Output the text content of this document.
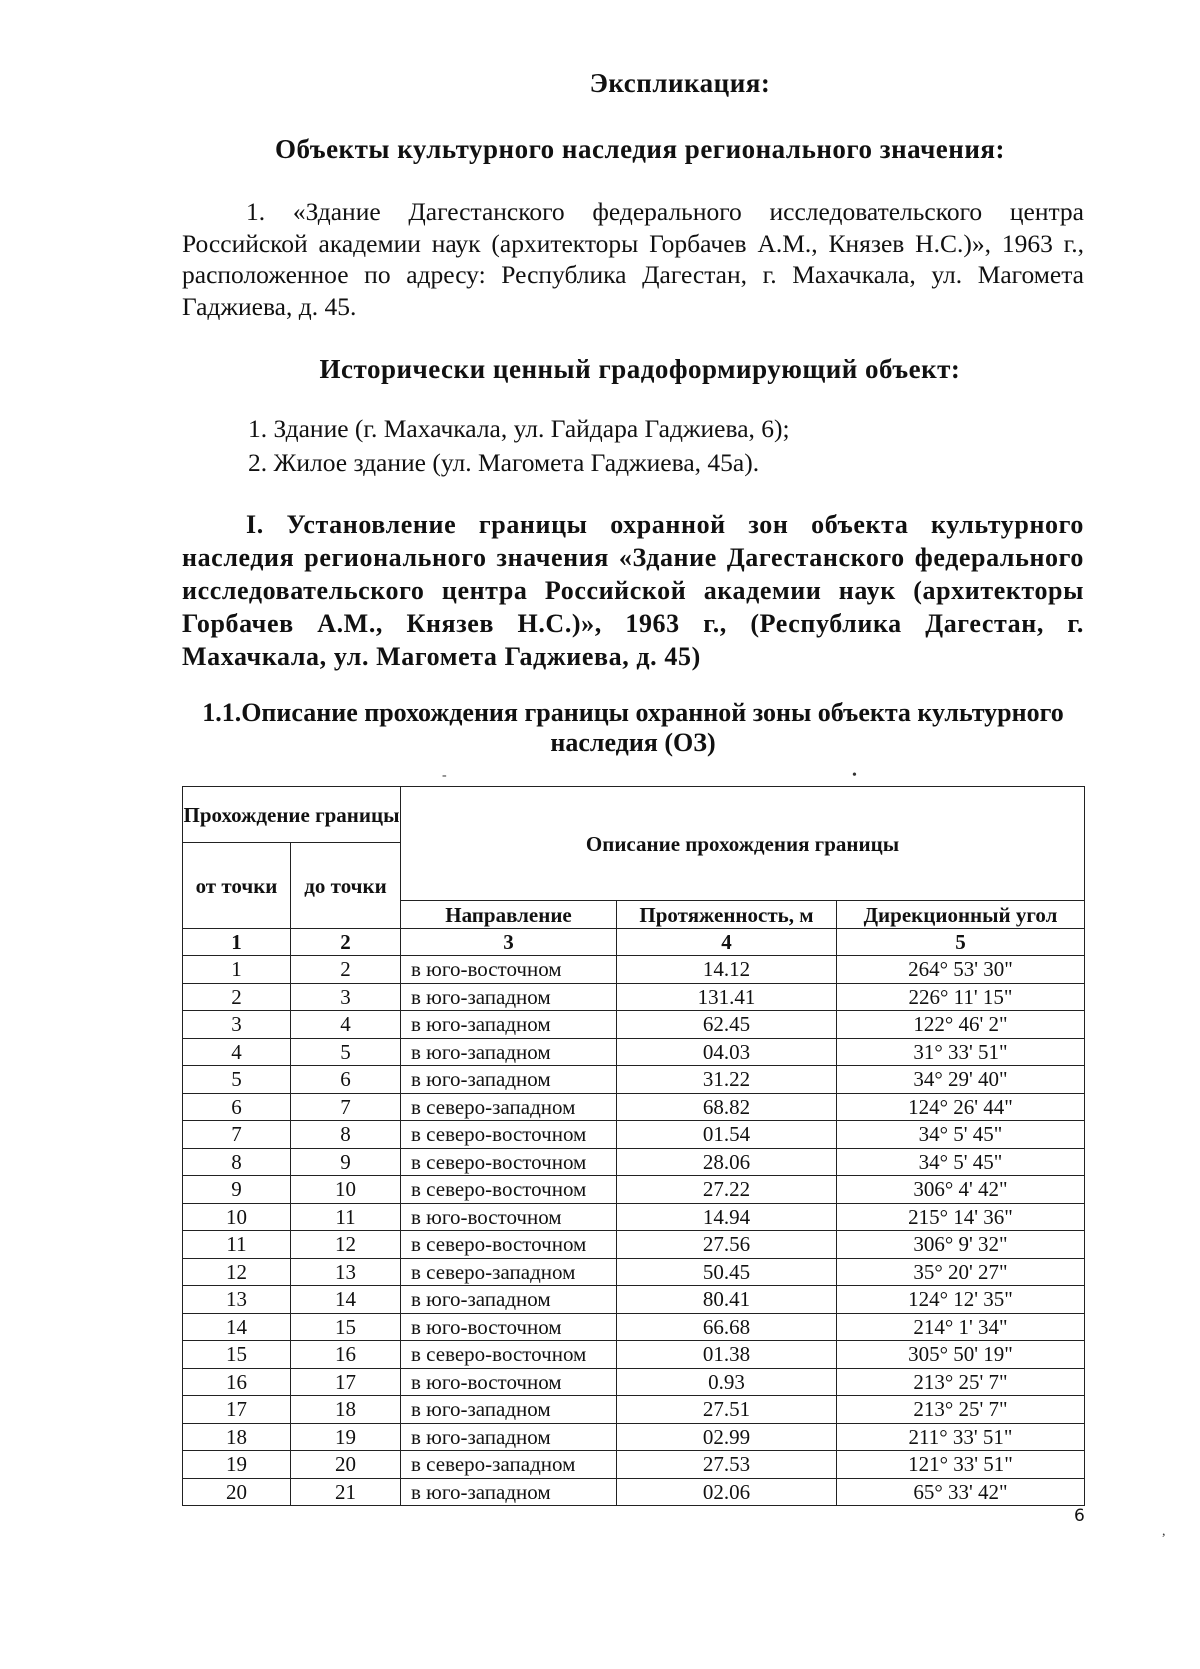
Экспликация:
Объекты культурного наследия регионального значения:
1. «Здание Дагестанского федерального исследовательского центра Российской академии наук (архитекторы Горбачев А.М., Князев Н.С.)», 1963 г., расположенное по адресу: Республика Дагестан, г. Махачкала, ул. Магомета Гаджиева, д. 45.
Исторически ценный градоформирующий объект:
1. Здание (г. Махачкала, ул. Гайдара Гаджиева, 6);
2. Жилое здание (ул. Магомета Гаджиева, 45а).
I. Установление границы охранной зон объекта культурного наследия регионального значения «Здание Дагестанского федерального исследовательского центра Российской академии наук (архитекторы Горбачев А.М., Князев Н.С.)», 1963 г., (Республика Дагестан, г. Махачкала, ул. Магомета Гаджиева, д. 45)
1.1.Описание прохождения границы охранной зоны объекта культурного наследия (ОЗ)
-	•
Прохождение границы		Описание прохождения границы		
от точки	до точки			
		Направление	Протяженность, м	Дирекционный угол
1	2	3	4	5
1	2	в юго-восточном	14.12	264° 53' 30"
2	3	в юго-западном	131.41	226° 11' 15"
3	4	в юго-западном	62.45	122° 46' 2"
4	5	в юго-западном	04.03	31° 33' 51"
5	6	в юго-западном	31.22	34° 29' 40"
6	7	в северо-западном	68.82	124° 26' 44"
7	8	в северо-восточном	01.54	34° 5' 45"
8	9	в северо-восточном	28.06	34° 5' 45"
9	10	в северо-восточном	27.22	306° 4' 42"
10	11	в юго-восточном	14.94	215° 14' 36"
11	12	в северо-восточном	27.56	306° 9' 32"
12	13	в северо-западном	50.45	35° 20' 27"
13	14	в юго-западном	80.41	124° 12' 35"
14	15	в юго-восточном	66.68	214° 1' 34"
15	16	в северо-восточном	01.38	305° 50' 19"
16	17	в юго-восточном	0.93	213° 25' 7"
17	18	в юго-западном	27.51	213° 25' 7"
18	19	в юго-западном	02.99	211° 33' 51"
19	20	в северо-западном	27.53	121° 33' 51"
20	21	в юго-западном	02.06	65° 33' 42"
6
,
